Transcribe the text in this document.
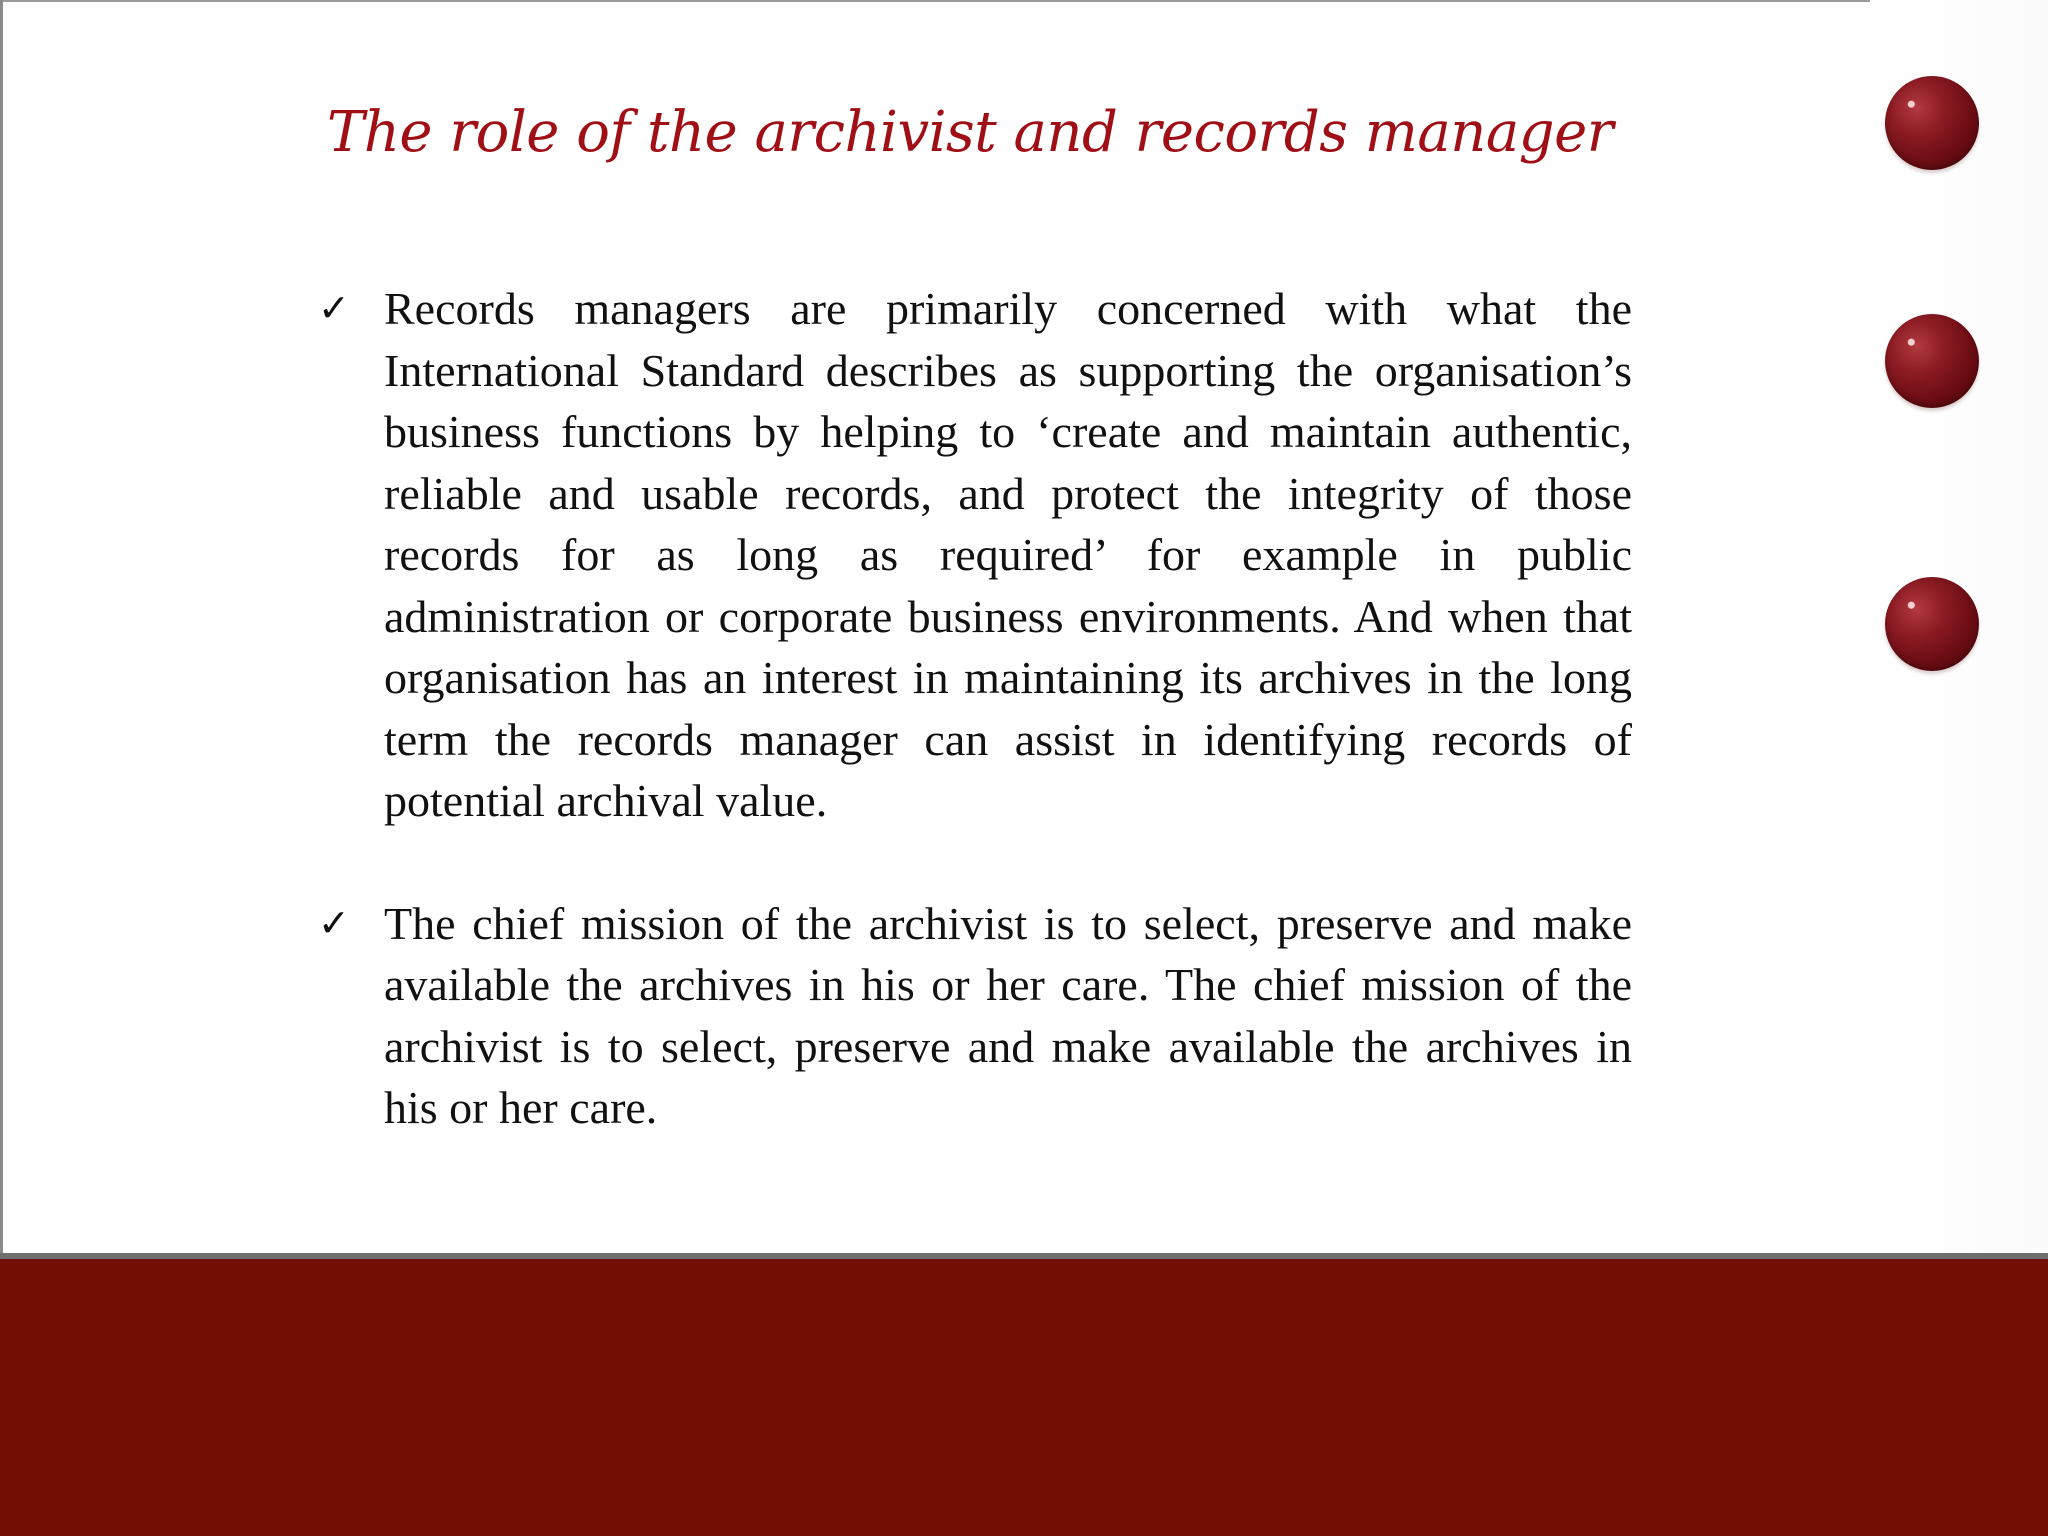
The role of the archivist and records manager
✓ Records managers are primarily concerned with what the International Standard describes as supporting the organisation’s business functions by helping to ‘create and maintain authentic, reliable and usable records, and protect the integrity of those records for as long as required’ for example in public administration or corporate business environments. And when that organisation has an interest in maintaining its archives in the long term the records manager can assist in identifying records of potential archival value.
✓ The chief mission of the archivist is to select, preserve and make available the archives in his or her care. The chief mission of the archivist is to select, preserve and make available the archives in his or her care.
